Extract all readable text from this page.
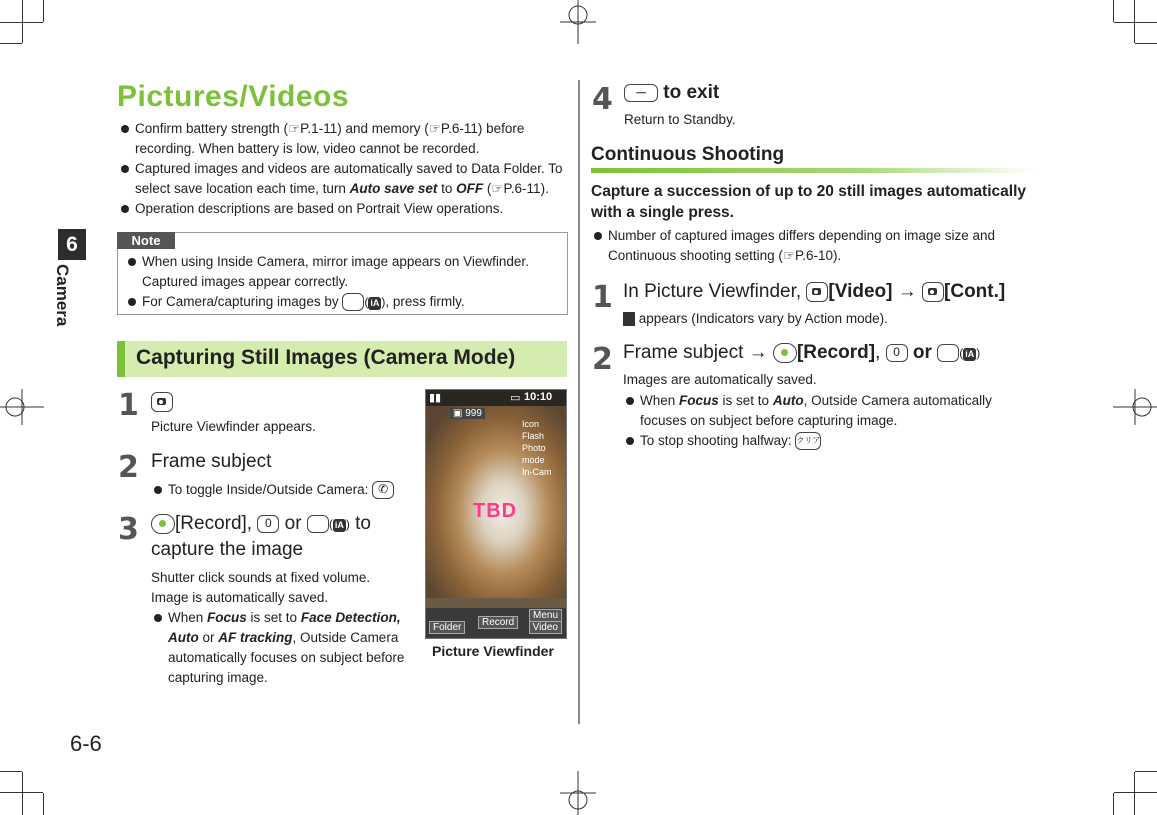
6
Camera
6-6
Pictures/Videos
Confirm battery strength (☞P.1-11) and memory (☞P.6-11) before recording. When battery is low, video cannot be recorded.
Captured images and videos are automatically saved to Data Folder. To select save location each time, turn Auto save set to OFF (☞P.6-11).
Operation descriptions are based on Portrait View operations.
Note
When using Inside Camera, mirror image appears on Viewfinder. Captured images appear correctly.
For Camera/capturing images by ( iA ), press firmly.
Capturing Still Images (Camera Mode)
1
Picture Viewfinder appears.
2 Frame subject
To toggle Inside/Outside Camera: ✆
3	[Record], 0 or ( iA ) to capture the image
Shutter click sounds at fixed volume.
Image is automatically saved.
When Focus is set to Face Detection, Auto or AF tracking, Outside Camera automatically focuses on subject before capturing image.
▮▮	▭ 10:10
▣ 999
Icon
Flash
Photo mode
In-Cam
TBD
Folder	Record
Menu
Video
Picture Viewfinder
4	⏤ to exit
Return to Standby.
Continuous Shooting
Capture a succession of up to 20 still images automatically with a single press.
Number of captured images differs depending on image size and Continuous shooting setting (☞P.6-10).
1 In Picture Viewfinder, [Video] → [Cont.]
appears (Indicators vary by Action mode).
2 Frame subject → [Record], 0 or ( iA )
Images are automatically saved.
When Focus is set to Auto, Outside Camera automatically focuses on subject before capturing image.
To stop shooting halfway: クリア
